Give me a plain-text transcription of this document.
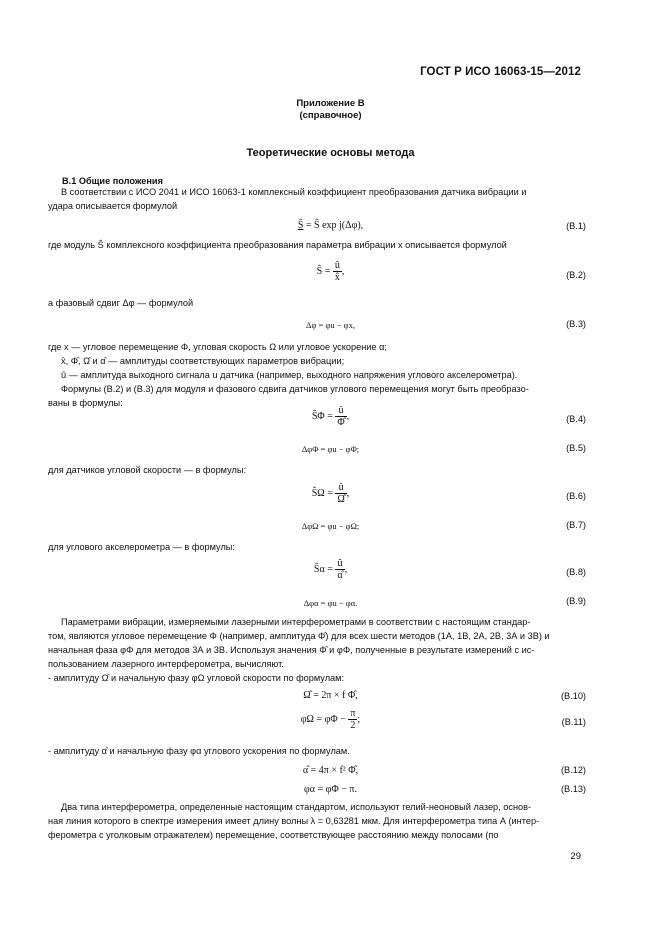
ГОСТ Р ИСО 16063-15—2012
Приложение В
(справочное)
Теоретические основы метода
В.1 Общие положения
В соответствии с ИСО 2041 и ИСО 16063-1 комплексный коэффициент преобразования датчика вибрации и
удара описывается формулой
Ŝ = Ŝ exp j(Δφ),	(В.1)
где модуль Ŝ комплексного коэффициента преобразования параметра вибрации x описывается формулой
Ŝ = $\frac{û}{x̂}$ ,	(В.2)
а фазовый сдвиг Δφ — формулой
Δφ = φu − φx,	(В.3)
где x — угловое перемещение Φ, угловая скорость Ω или угловое ускорение α;
x̂, Φ̂, Ω̂ и α̂ — амплитуды соответствующих параметров вибрации;
û — амплитуда выходного сигнала u датчика (например, выходного напряжения углового акселерометра).
Формулы (В.2) и (В.3) для модуля и фазового сдвига датчиков углового перемещения могут быть преобразо-
ваны в формулы:
ŜΦ = $\frac{û}{\Phî}$ ,	(В.4)
ΔφΦ = φu − φΦ;	(В.5)
для датчиков угловой скорости — в формулы:
ŜΩ = $\frac{û}{\Omegâ}$ ,	(В.6)
ΔφΩ = φu − φΩ;	(В.7)
для углового акселерометра — в формулы:
Ŝα = $\frac{û}{\alphâ}$ ,	(В.8)
Δφα = φu − φα.	(В.9)
Параметрами вибрации, измеряемыми лазерными интерферометрами в соответствии с настоящим стандар-
том, являются угловое перемещение Φ (например, амплитуда Φ̂) для всех шести методов (1А, 1В, 2А, 2В, 3А и 3В) и
начальная фаза φΦ для методов 3А и 3В. Используя значения Φ̂ и φΦ, полученные в результате измерений с ис-
пользованием лазерного интерферометра, вычисляют.
- амплитуду Ω̂ и начальную фазу φΩ угловой скорости по формулам:
Ω̂ = 2π × f Φ̂,	(В.10)
$\varphi\Omega = \varphi\Phi - \frac{\pi}{2}$ ;	(В.11)
- амплитуду α̂ и начальную фазу φα углового ускорения по формулам.
α̂ = 4π × f² Φ̂,	(В.12)
φα = φΦ − π.	(В.13)
Два типа интерферометра, определенные настоящим стандартом, используют гелий-неоновый лазер, основ-
ная линия которого в спектре измерения имеет длину волны λ = 0,63281 мкм. Для интерферометра типа А (интер-
ферометра с уголковым отражателем) перемещение, соответствующее расстоянию между полосами (по
29
